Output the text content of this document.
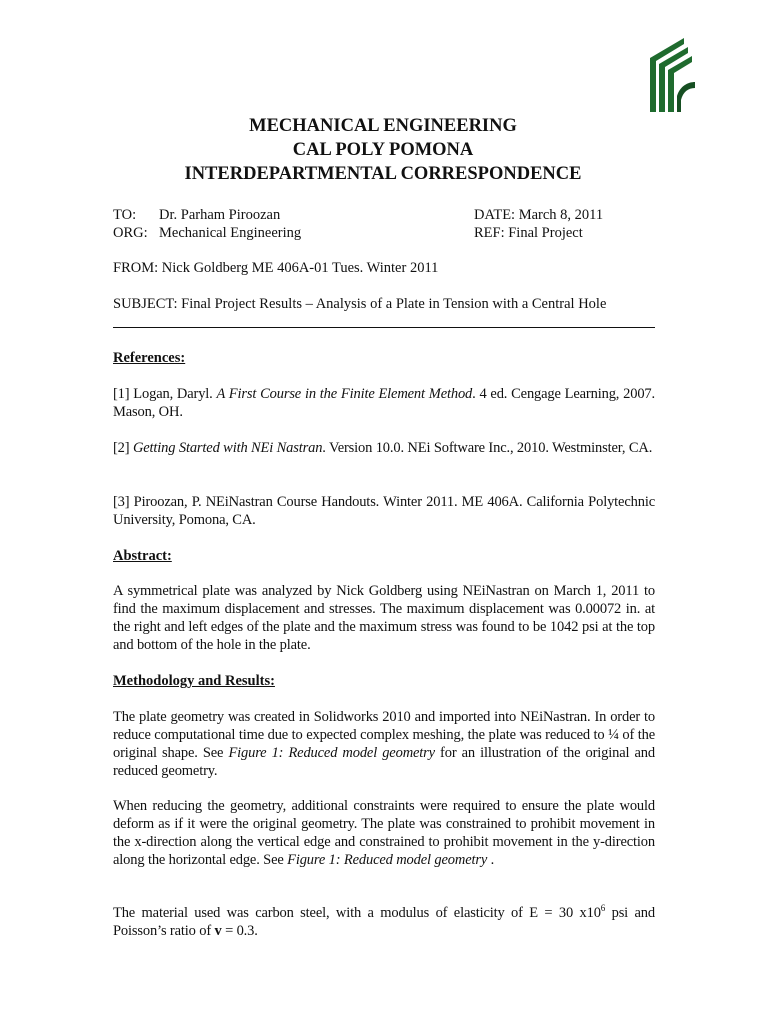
MECHANICAL ENGINEERING
CAL POLY POMONA
INTERDEPARTMENTAL CORRESPONDENCE
TO: Dr. Parham Piroozan
ORG: Mechanical Engineering
DATE: March 8, 2011
REF: Final Project
FROM: Nick Goldberg ME 406A-01 Tues. Winter 2011
SUBJECT: Final Project Results – Analysis of a Plate in Tension with a Central Hole
References:
[1] Logan, Daryl. A First Course in the Finite Element Method. 4 ed. Cengage Learning, 2007. Mason, OH.
[2] Getting Started with NEi Nastran. Version 10.0. NEi Software Inc., 2010. Westminster, CA.
[3] Piroozan, P. NEiNastran Course Handouts. Winter 2011. ME 406A. California Polytechnic University, Pomona, CA.
Abstract:
A symmetrical plate was analyzed by Nick Goldberg using NEiNastran on March 1, 2011 to find the maximum displacement and stresses. The maximum displacement was 0.00072 in. at the right and left edges of the plate and the maximum stress was found to be 1042 psi at the top and bottom of the hole in the plate.
Methodology and Results:
The plate geometry was created in Solidworks 2010 and imported into NEiNastran. In order to reduce computational time due to expected complex meshing, the plate was reduced to ¼ of the original shape. See Figure 1: Reduced model geometry for an illustration of the original and reduced geometry.
When reducing the geometry, additional constraints were required to ensure the plate would deform as if it were the original geometry. The plate was constrained to prohibit movement in the x-direction along the vertical edge and constrained to prohibit movement in the y-direction along the horizontal edge. See Figure 1: Reduced model geometry .
The material used was carbon steel, with a modulus of elasticity of E = 30 $x10^6$ psi and Poisson’s ratio of v = 0.3.
